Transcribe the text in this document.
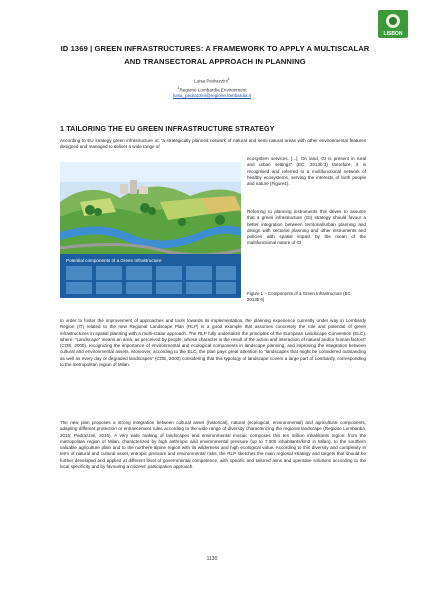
LISBON
ID 1369 | GREEN INFRASTRUCTURES: A FRAMEWORK TO APPLY A MULTISCALAR AND TRANSECTORAL APPROACH IN PLANNING
Luisa Pedrazzini$^1$
$^1$Regione Lombardia Environment
luisa_pedrazzini@regione.lombardia.it
1 TAILORING THE EU GREEN INFRASTRUCTURE STRATEGY
According to EU strategy green infrastructure is: “a strategically planned network of natural and semi-natural areas with other environmental features designed and managed to deliver a wide range of
ecosystem services. [...]. On land, GI is present in rural and urban settings” (EC, 2013b:3) therefore, it is recognised and referred to a multifunctional network of healthy ecosystems, serving the interests of both people and nature (Figure1).
Referring to planning instruments this drives to assume that a green infrastructure (GI) strategy should favour a better integration between territorial/urban planning and design with sectorial planning and other instruments and policies with spatial impact by the mean of the multifunctional nature of GI.
Figure 1 – Components of a Green Infrastructure (EC 2013b:6)
Potential components of a Green Infrastructure
In order to foster the improvement of approaches and tools towards its implementation, the planning experience currently under way in Lombardy Region (IT) related to the new Regional Landscape Plan (RLP) is a good example that assumes concretely the role and potential of green infrastructures in spatial planning with a multi-scalar approach. The RLP fully undertakes the principles of the European Landscape Convention (ELC), where: “Landscape” means an area, as perceived by people, whose character is the result of the action and interaction of natural and/or human factors” (COE, 2000), recognizing the importance of environmental and ecological components in landscape planning, and improving the integration between cultural and environmental assets. Moreover, according to the ELC, the plan pays great attention to “landscapes that might be considered outstanding as well as every day or degraded landscapes” (COE, 2000) considering that this typology of landscape covers a large part of Lombardy, corresponding to the metropolitan region of Milan.
The new plan proposes a strong integration between cultural asset (historical), natural (ecological, environmental) and agricultural components, adapting different protection or enhancement rules according to the wide range of diversity characterizing the regional landscape (Regione Lombardia, 2015; Pedrazzini, 2016). A very wide ranking of landscapes and environmental mosaic composes this ten million inhabitants region: from the metropolitan region of Milan, characterized by high anthropic and environmental pressure (up to 7,000 inhabitants/km2 in Milan), to the southern valuable agriculture plain and to the northern alpine region with its wilderness and high ecological value. According to this diversity and complexity in term of natural and cultural asset, entropic pressure and environmental risks, the RLP sketches the main regional strategy and targets that should be further developed and applied at different level of governmental competence, with specific and tailored aims and operative solutions according to the local specificity and by favouring a citizens' participation approach.
1130
